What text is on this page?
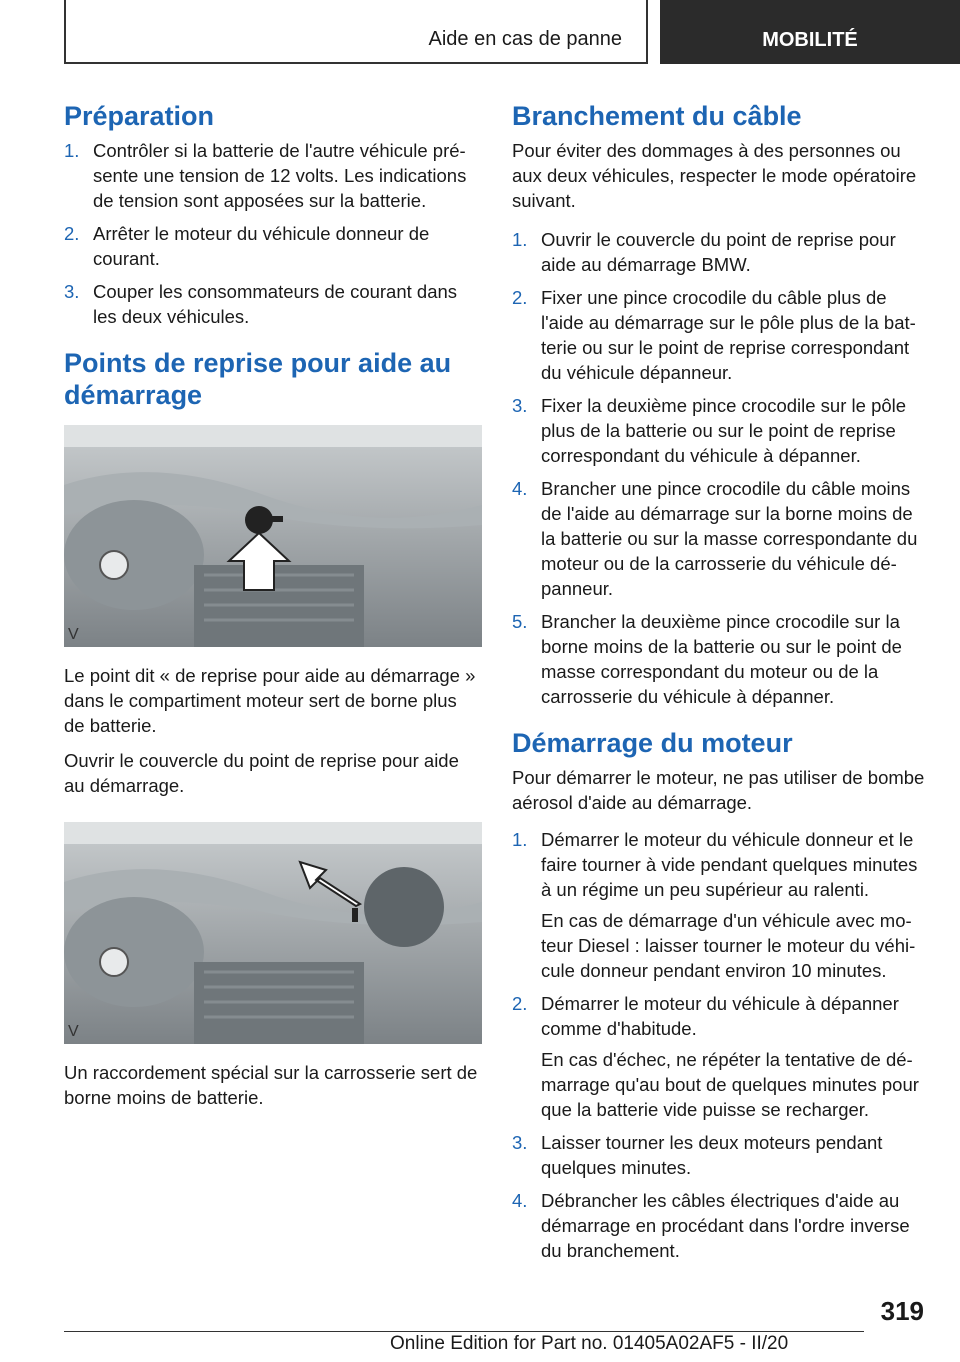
Aide en cas de panne	MOBILITÉ
Préparation
1. Contrôler si la batterie de l'autre véhicule présente une tension de 12 volts. Les indications de tension sont apposées sur la batterie.
2. Arrêter le moteur du véhicule donneur de courant.
3. Couper les consommateurs de courant dans les deux véhicules.
Points de reprise pour aide au démarrage
V

Le point dit « de reprise pour aide au démarrage » dans le compartiment moteur sert de borne plus de batterie.

Ouvrir le couvercle du point de reprise pour aide au démarrage.

V

Un raccordement spécial sur la carrosserie sert de borne moins de batterie.

Branchement du câble

Pour éviter des dommages à des personnes ou aux deux véhicules, respecter le mode opératoire suivant.

1. Ouvrir le couvercle du point de reprise pour aide au démarrage BMW.
2. Fixer une pince crocodile du câble plus de l'aide au démarrage sur le pôle plus de la batterie ou sur le point de reprise correspondant du véhicule dépanneur.
3. Fixer la deuxième pince crocodile sur le pôle plus de la batterie ou sur le point de reprise correspondant du véhicule à dépanner.
4. Brancher une pince crocodile du câble moins de l'aide au démarrage sur la borne moins de la batterie ou sur la masse correspondante du moteur ou de la carrosserie du véhicule dépanneur.
5. Brancher la deuxième pince crocodile sur la borne moins de la batterie ou sur le point de masse correspondant du moteur ou de la carrosserie du véhicule à dépanner.
Démarrage du moteur

Pour démarrer le moteur, ne pas utiliser de bombe aérosol d'aide au démarrage.

1. Démarrer le moteur du véhicule donneur et le faire tourner à vide pendant quelques minutes à un régime un peu supérieur au ralenti.
En cas de démarrage d'un véhicule avec moteur Diesel : laisser tourner le moteur du véhicule donneur pendant environ 10 minutes.
2. Démarrer le moteur du véhicule à dépanner comme d'habitude.
En cas d'échec, ne répéter la tentative de démarrage qu'au bout de quelques minutes pour que la batterie vide puisse se recharger.
3. Laisser tourner les deux moteurs pendant quelques minutes.
4. Débrancher les câbles électriques d'aide au démarrage en procédant dans l'ordre inverse du branchement.
319
Online Edition for Part no. 01405A02AF5 - II/20
